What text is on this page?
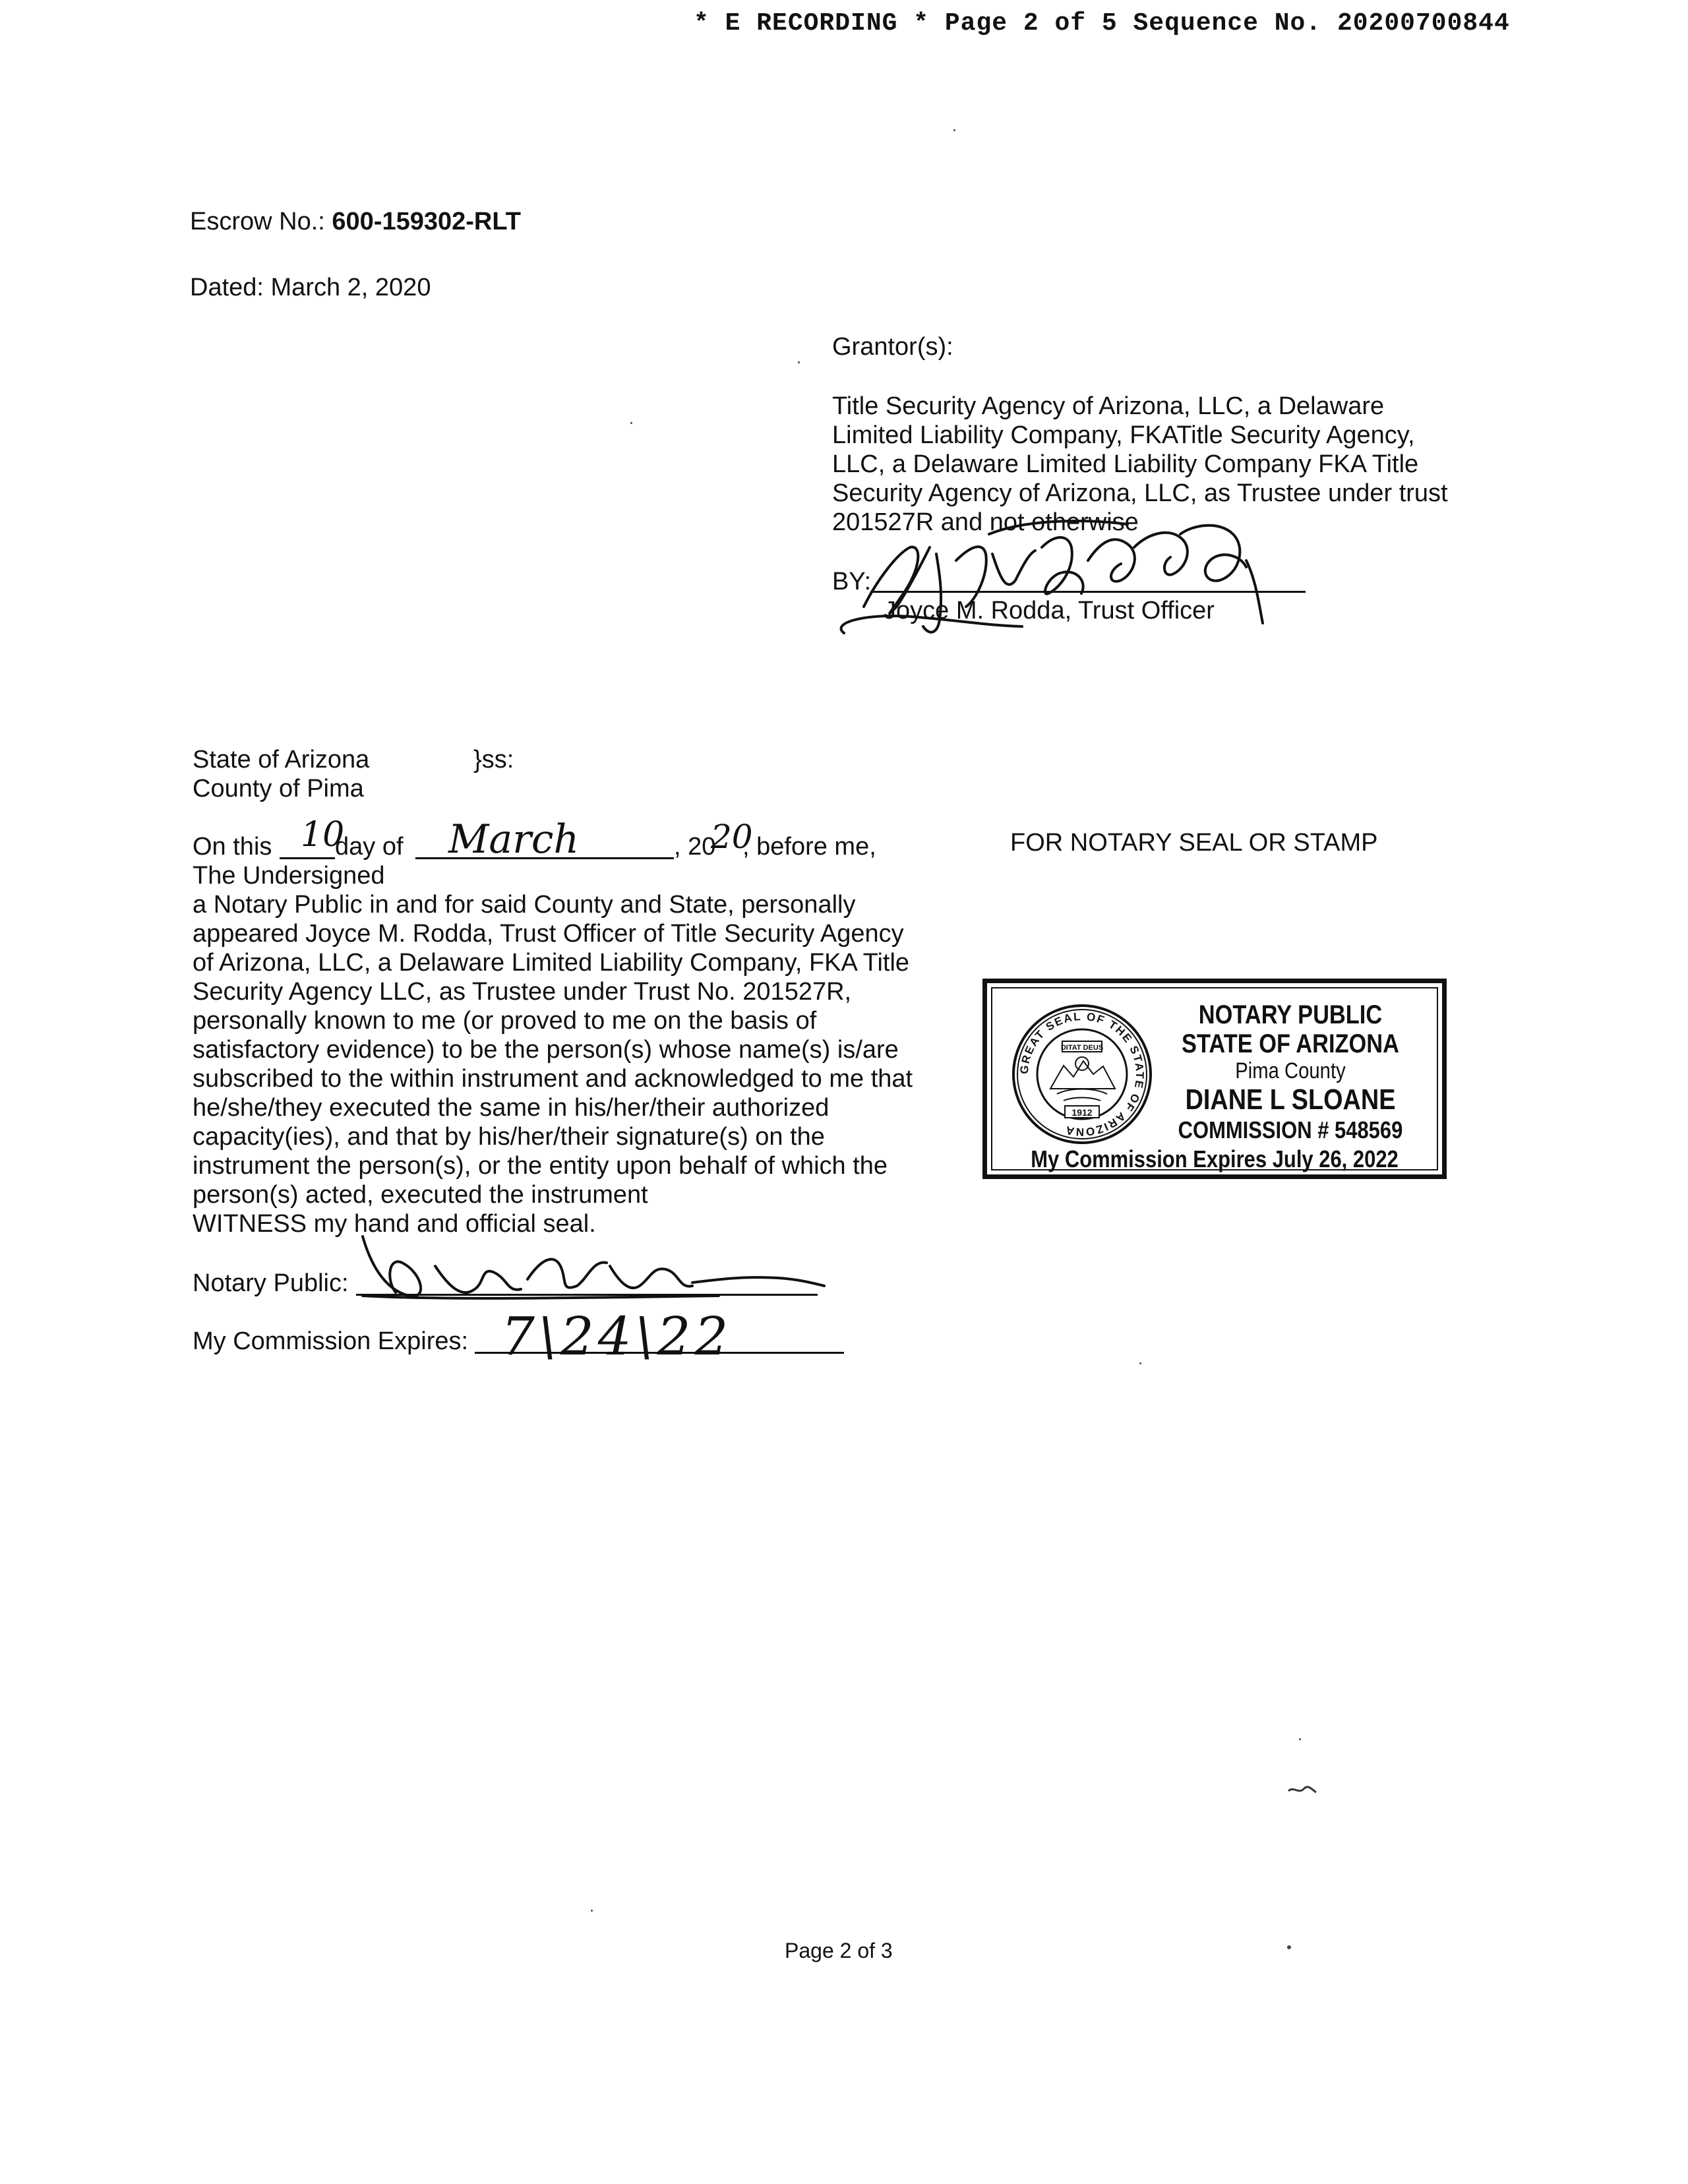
* E RECORDING * Page 2 of 5 Sequence No. 20200700844
Escrow No.: 600-159302-RLT
Dated: March 2, 2020
Grantor(s):
Title Security Agency of Arizona, LLC, a Delaware
Limited Liability Company, FKATitle Security Agency,
LLC, a Delaware Limited Liability Company FKA Title
Security Agency of Arizona, LLC, as Trustee under trust
201527R and not otherwise
BY:
Joyce M. Rodda, Trust Officer
State of Arizona	}ss:
County of Pima
On this 10
day of March	, 20
20
, before me,
The Undersigned
a Notary Public in and for said County and State, personally
appeared Joyce M. Rodda, Trust Officer of Title Security Agency
of Arizona, LLC, a Delaware Limited Liability Company, FKA Title
Security Agency LLC, as Trustee under Trust No. 201527R,
personally known to me (or proved to me on the basis of
satisfactory evidence) to be the person(s) whose name(s) is/are
subscribed to the within instrument and acknowledged to me that
he/she/they executed the same in his/her/their authorized
capacity(ies), and that by his/her/their signature(s) on the
instrument the person(s), or the entity upon behalf of which the
person(s) acted, executed the instrument
WITNESS my hand and official seal.
Notary Public:
My Commission Expires: 7\24\22
FOR NOTARY SEAL OR STAMP
GREAT SEAL OF THE STATE OF ARIZONA
DITAT DEUS
1912
NOTARY PUBLIC
STATE OF ARIZONA
Pima County
DIANE L SLOANE
COMMISSION # 548569
My Commission Expires July 26, 2022
Page 2 of 3
